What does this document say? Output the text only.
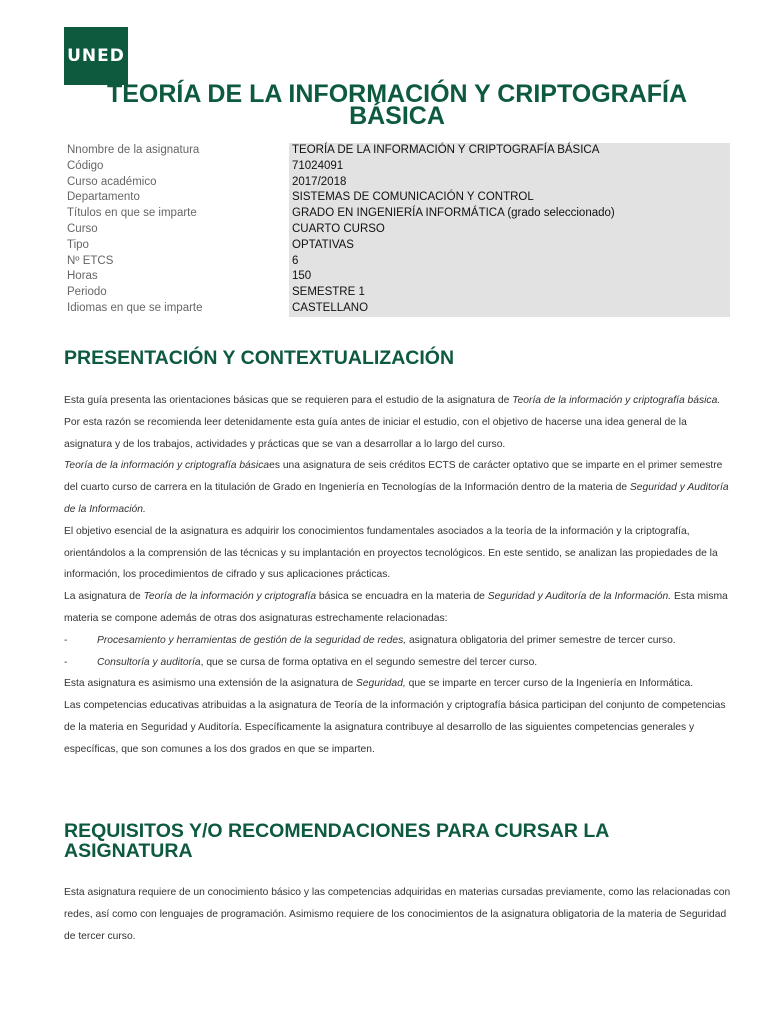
UNED
TEORÍA DE LA INFORMACIÓN Y CRIPTOGRAFÍA BÁSICA
Nnombre de la asignatura	TEORÍA DE LA INFORMACIÓN Y CRIPTOGRAFÍA BÁSICA
Código	71024091
Curso académico	2017/2018
Departamento	SISTEMAS DE COMUNICACIÓN Y CONTROL
Títulos en que se imparte	GRADO EN INGENIERÍA INFORMÁTICA (grado seleccionado)
Curso	CUARTO CURSO
Tipo	OPTATIVAS
Nº ETCS	6
Horas	150
Periodo	SEMESTRE 1
Idiomas en que se imparte	CASTELLANO
PRESENTACIÓN Y CONTEXTUALIZACIÓN

Esta guía presenta las orientaciones básicas que se requieren para el estudio de la asignatura de Teoría de la información y criptografía básica. Por esta razón se recomienda leer detenidamente esta guía antes de iniciar el estudio, con el objetivo de hacerse una idea general de la asignatura y de los trabajos, actividades y prácticas que se van a desarrollar a lo largo del curso.

Teoría de la información y criptografía básicaes una asignatura de seis créditos ECTS de carácter optativo que se imparte en el primer semestre del cuarto curso de carrera en la titulación de Grado en Ingeniería en Tecnologías de la Información dentro de la materia de Seguridad y Auditoría de la Información.

El objetivo esencial de la asignatura es adquirir los conocimientos fundamentales asociados a la teoría de la información y la criptografía, orientándolos a la comprensión de las técnicas y su implantación en proyectos tecnológicos. En este sentido, se analizan las propiedades de la información, los procedimientos de cifrado y sus aplicaciones prácticas.

La asignatura de Teoría de la información y criptografía básica se encuadra en la materia de Seguridad y Auditoría de la Información. Esta misma materia se compone además de otras dos asignaturas estrechamente relacionadas:

-	Procesamiento y herramientas de gestión de la seguridad de redes, asignatura obligatoria del primer semestre de tercer curso.

-	Consultoría y auditoría, que se cursa de forma optativa en el segundo semestre del tercer curso.

Esta asignatura es asimismo una extensión de la asignatura de Seguridad, que se imparte en tercer curso de la Ingeniería en Informática.

Las competencias educativas atribuidas a la asignatura de Teoría de la información y criptografía básica participan del conjunto de competencias de la materia en Seguridad y Auditoría. Específicamente la asignatura contribuye al desarrollo de las siguientes competencias generales y específicas, que son comunes a los dos grados en que se imparten.

REQUISITOS Y/O RECOMENDACIONES PARA CURSAR LA ASIGNATURA

Esta asignatura requiere de un conocimiento básico y las competencias adquiridas en materias cursadas previamente, como las relacionadas con redes, así como con lenguajes de programación. Asimismo requiere de los conocimientos de la asignatura obligatoria de la materia de Seguridad de tercer curso.
